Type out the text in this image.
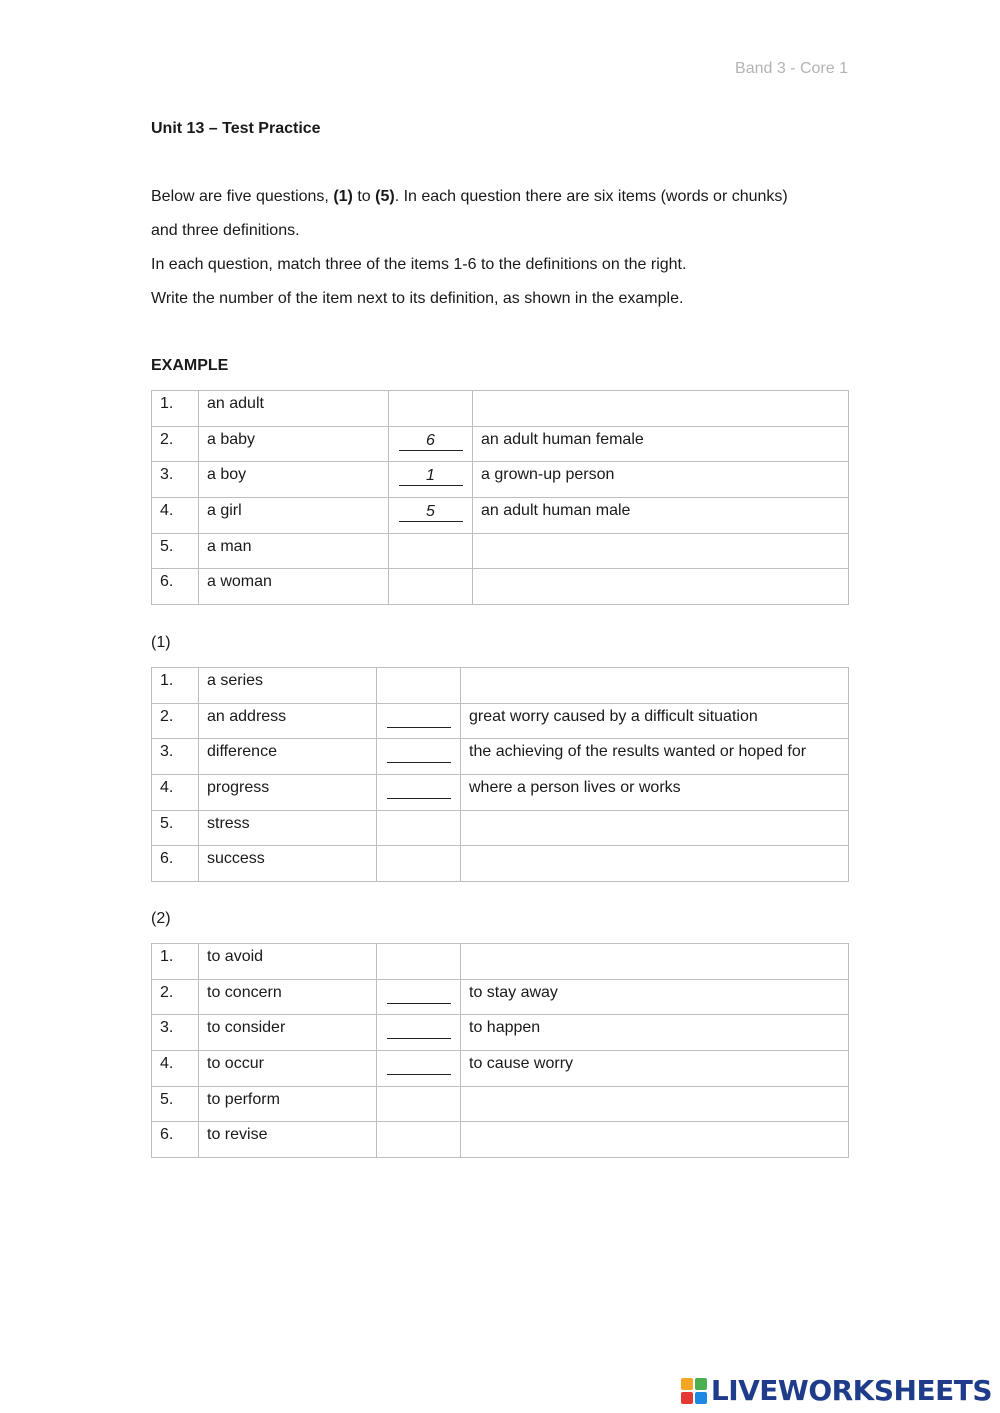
Band 3 - Core 1
Unit 13 – Test Practice
Below are five questions, (1) to (5). In each question there are six items (words or chunks)
and three definitions.
In each question, match three of the items 1-6 to the definitions on the right.
Write the number of the item next to its definition, as shown in the example.
EXAMPLE
1.	an adult		
2.	a baby	6	an adult human female
3.	a boy	1	a grown-up person
4.	a girl	5	an adult human male
5.	a man		
6.	a woman		
(1)
1.	a series		
2.	an address		great worry caused by a difficult situation
3.	difference		the achieving of the results wanted or hoped for
4.	progress		where a person lives or works
5.	stress		
6.	success		
(2)
1.	to avoid		
2.	to concern		to stay away
3.	to consider		to happen
4.	to occur		to cause worry
5.	to perform		
6.	to revise		
LIVEWORKSHEETS
